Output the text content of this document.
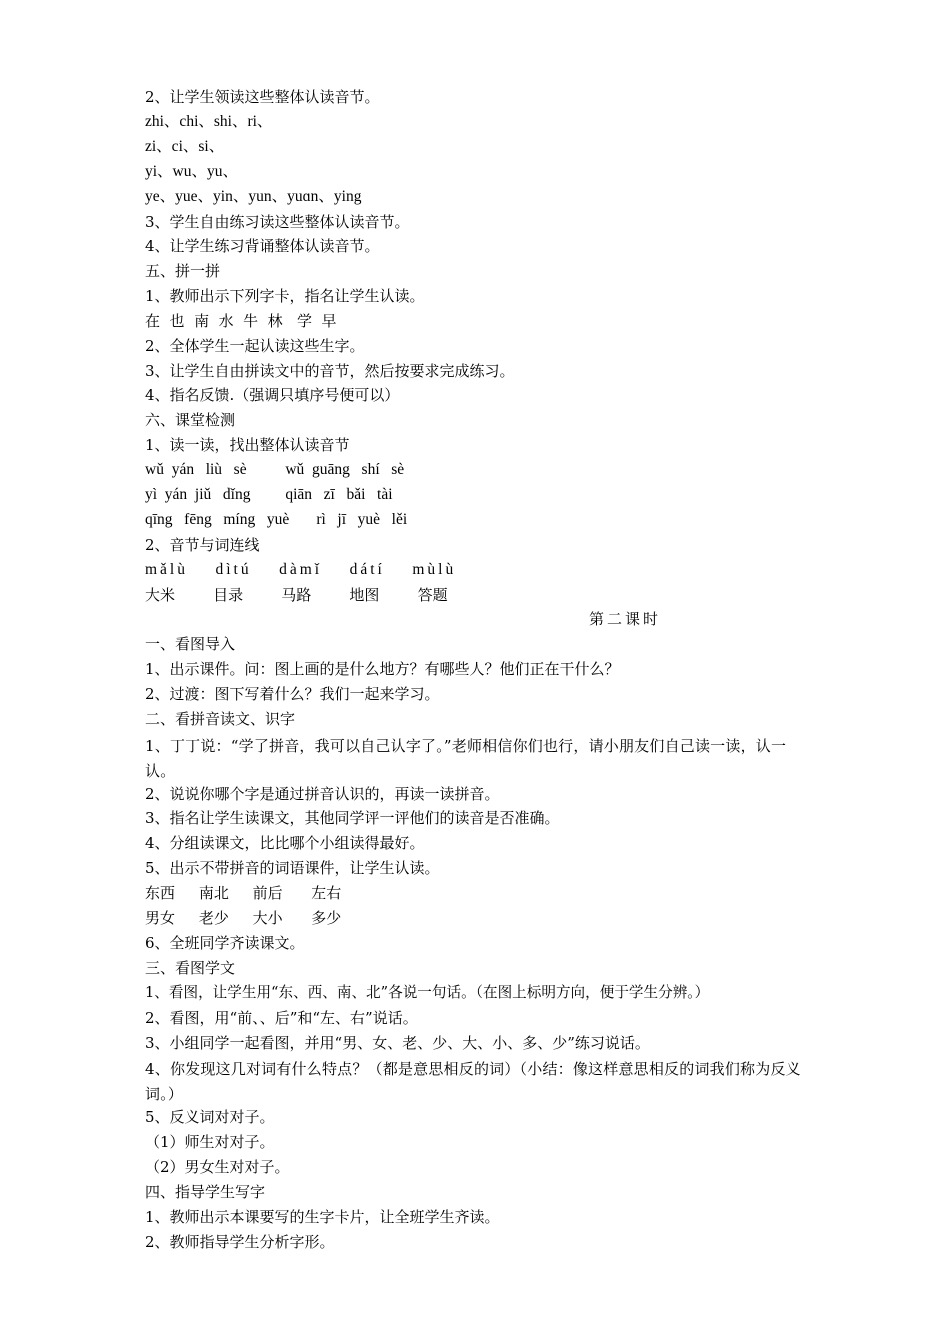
2、让学生领读这些整体认读音节。
zhi、chi、shi、ri、
zi、ci、si、
yi、wu、yu、
ye、yue、yin、yun、yuɑn、ying
3、学生自由练习读这些整体认读音节。
4、让学生练习背诵整体认读音节。
五、拼一拼
1、教师出示下列字卡，指名让学生认读。
在  也  南  水  牛  林   学  早
2、全体学生一起认读这些生字。
3、让学生自由拼读文中的音节，然后按要求完成练习。
4、指名反馈.（强调只填序号便可以）
六、课堂检测
1、读一读，找出整体认读音节
wǔ  yán   liù   sè          wǔ  guāng   shí   sè
yì  yán  jiǔ   dǐng         qiān   zī   bǎi   tài
qīng   fēng   míng   yuè       rì   jī   yuè   lěi
2、音节与词连线
mǎlù    dìtú    dàmǐ    dátí    mùlù
大米        目录        马路        地图        答题
第二课时
一、看图导入
1、出示课件。问：图上画的是什么地方？有哪些人？他们正在干什么？
2、过渡：图下写着什么？我们一起来学习。
二、看拼音读文、识字
1、丁丁说：“学了拼音，我可以自己认字了。”老师相信你们也行，请小朋友们自己读一读，认一认。
2、说说你哪个字是通过拼音认识的，再读一读拼音。
3、指名让学生读课文，其他同学评一评他们的读音是否准确。
4、分组读课文，比比哪个小组读得最好。
5、出示不带拼音的词语课件，让学生认读。
东西     南北     前后      左右
男女     老少     大小      多少
6、全班同学齐读课文。
三、看图学文
1、看图，让学生用“东、西、南、北”各说一句话。（在图上标明方向，便于学生分辨。）
2、看图，用“前、、后”和“左、右”说话。
3、小组同学一起看图，并用“男、女、老、少、大、小、多、少”练习说话。
4、你发现这几对词有什么特点？（都是意思相反的词）（小结：像这样意思相反的词我们称为反义词。）
5、反义词对对子。
（1）师生对对子。
（2）男女生对对子。
四、指导学生写字
1、教师出示本课要写的生字卡片，让全班学生齐读。
2、教师指导学生分析字形。
